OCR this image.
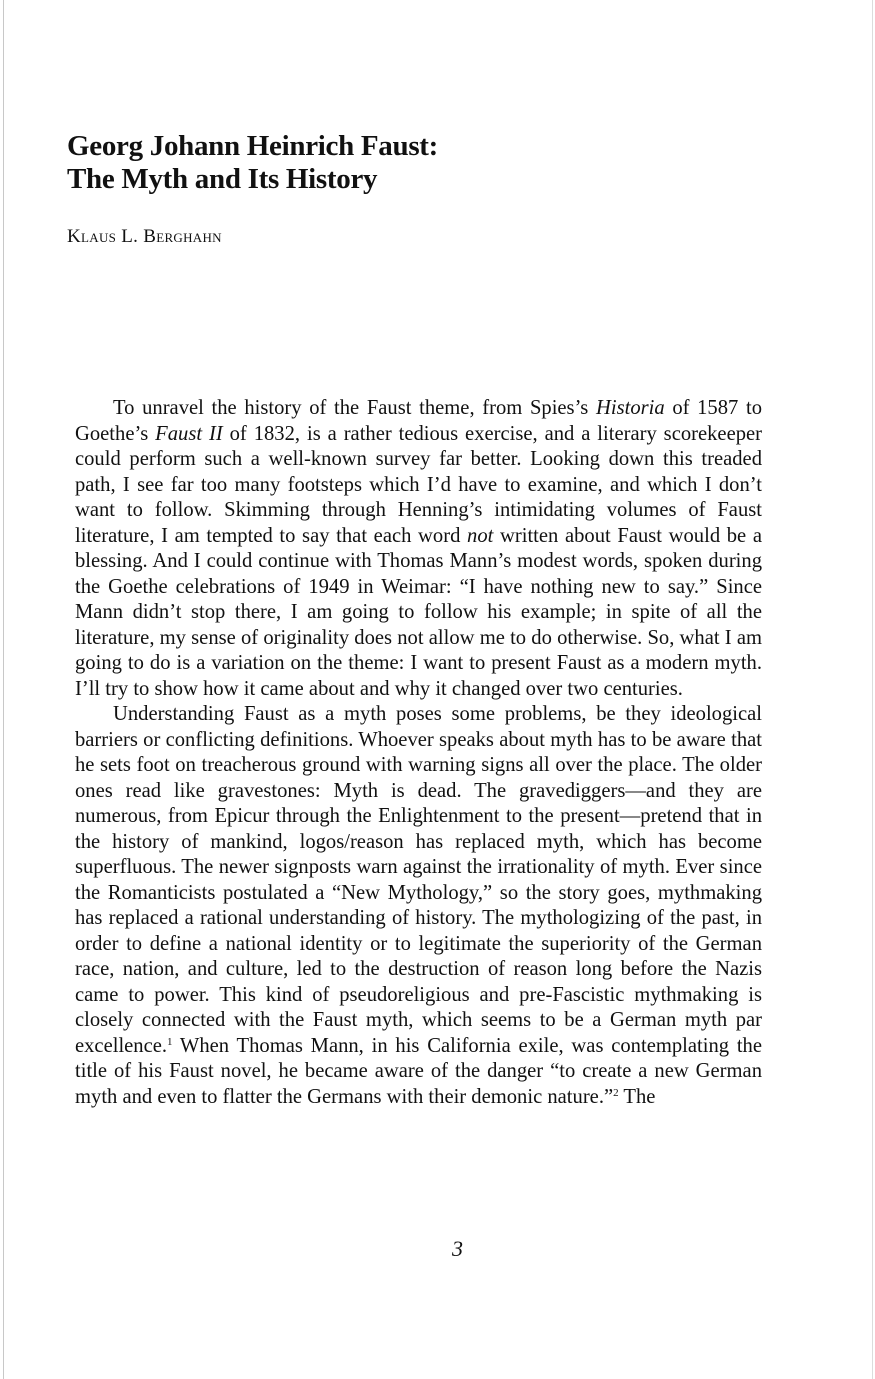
Georg Johann Heinrich Faust:
The Myth and Its History

Klaus L. Berghahn

To unravel the history of the Faust theme, from Spies’s Historia of 1587 to Goethe’s Faust II of 1832, is a rather tedious exercise, and a literary scorekeeper could perform such a well-known survey far better. Looking down this treaded path, I see far too many footsteps which I’d have to examine, and which I don’t want to follow. Skimming through Henning’s intimidating volumes of Faust literature, I am tempted to say that each word not written about Faust would be a blessing. And I could continue with Thomas Mann’s modest words, spoken during the Goethe celebrations of 1949 in Weimar: “I have nothing new to say.” Since Mann didn’t stop there, I am going to follow his example; in spite of all the literature, my sense of originality does not allow me to do otherwise. So, what I am going to do is a variation on the theme: I want to present Faust as a modern myth. I’ll try to show how it came about and why it changed over two centuries.

Understanding Faust as a myth poses some problems, be they ideological barriers or conflicting definitions. Whoever speaks about myth has to be aware that he sets foot on treacherous ground with warning signs all over the place. The older ones read like gravestones: Myth is dead. The gravediggers—and they are numerous, from Epicur through the Enlightenment to the present—pretend that in the history of mankind, logos/reason has replaced myth, which has become superfluous. The newer signposts warn against the irrationality of myth. Ever since the Romanticists postulated a “New Mythology,” so the story goes, mythmaking has replaced a rational understanding of history. The mythologizing of the past, in order to define a national identity or to legitimate the superiority of the German race, nation, and culture, led to the destruction of reason long before the Nazis came to power. This kind of pseudoreligious and pre-Fascistic mythmaking is closely connected with the Faust myth, which seems to be a German myth par excellence.$^1$ When Thomas Mann, in his California exile, was contemplating the title of his Faust novel, he became aware of the danger “to create a new German myth and even to flatter the Germans with their demonic nature.”$^2$ The

3
